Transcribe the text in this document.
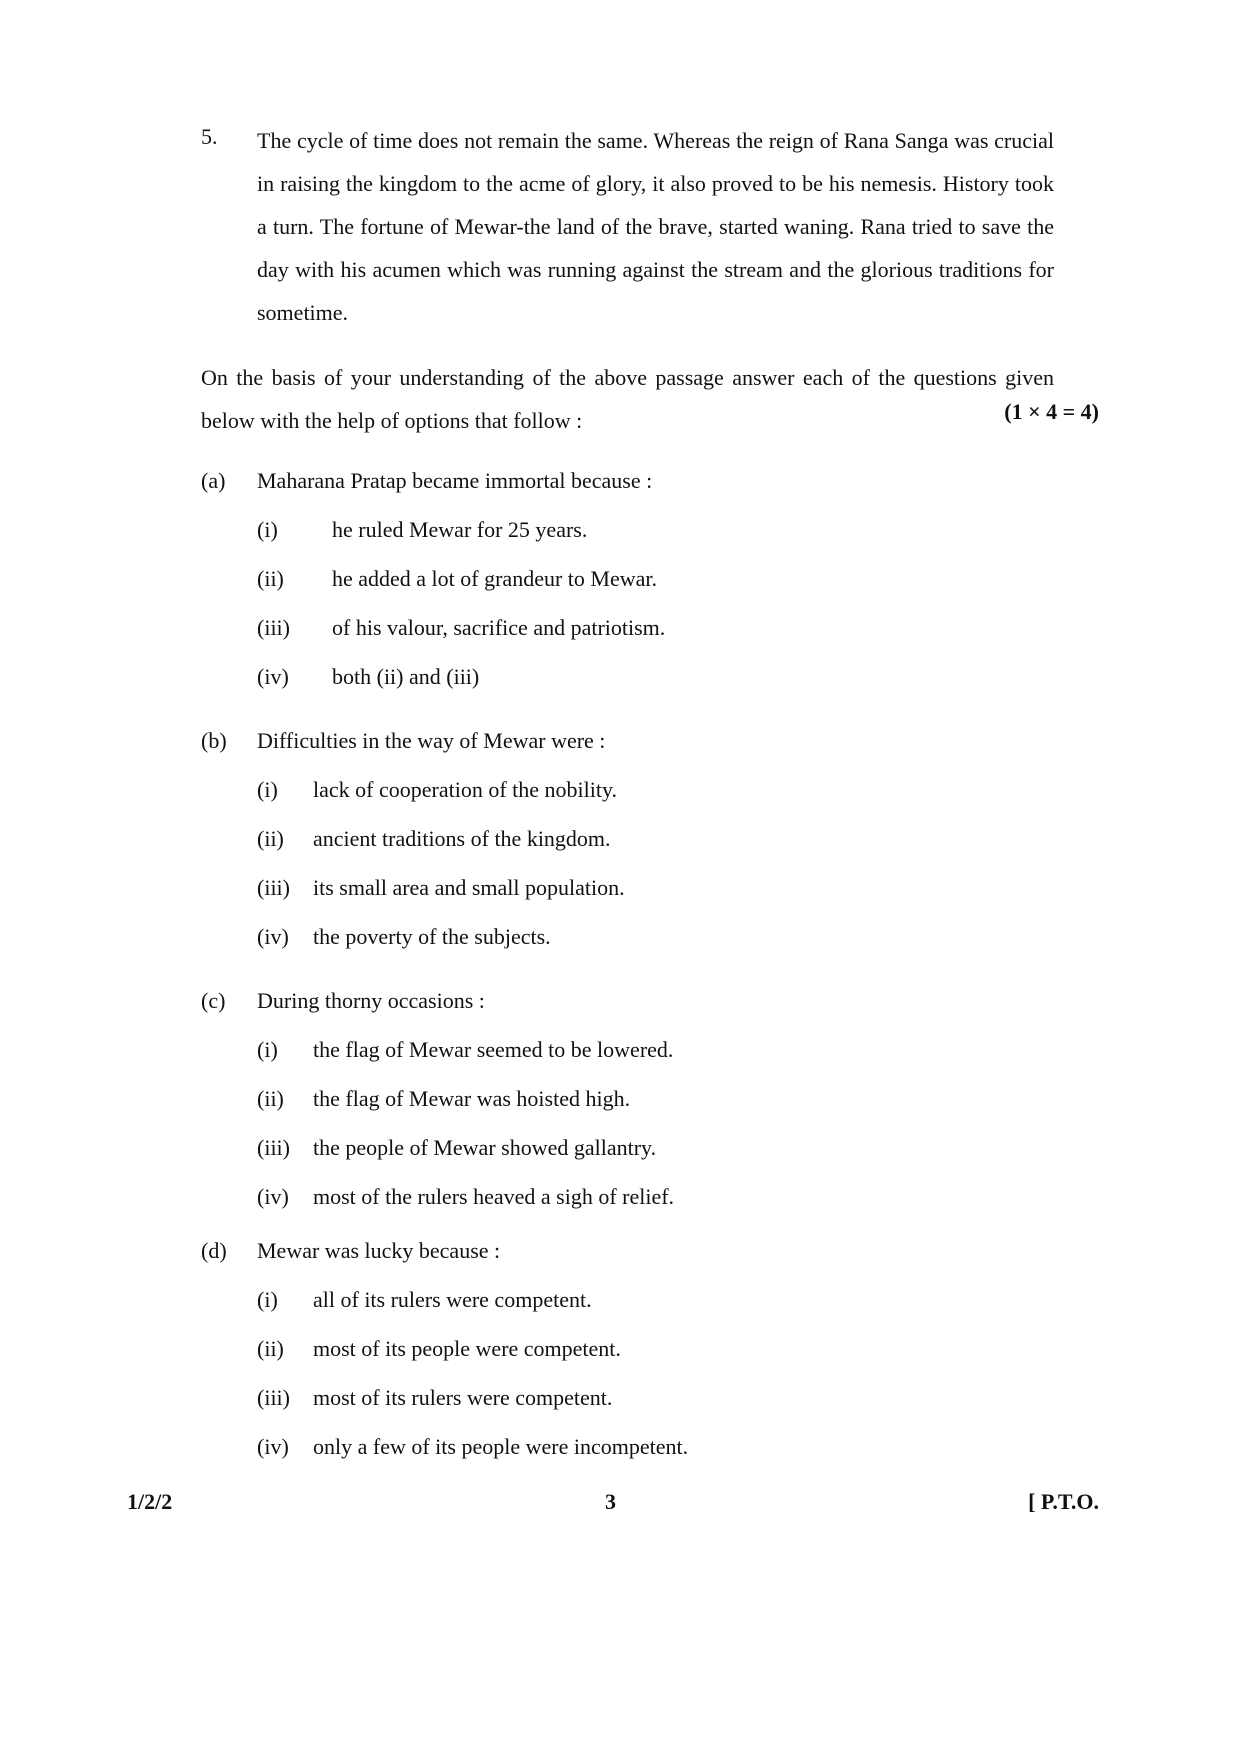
5. The cycle of time does not remain the same. Whereas the reign of Rana Sanga was crucial in raising the kingdom to the acme of glory, it also proved to be his nemesis. History took a turn. The fortune of Mewar-the land of the brave, started waning. Rana tried to save the day with his acumen which was running against the stream and the glorious traditions for sometime.
On the basis of your understanding of the above passage answer each of the questions given below with the help of options that follow :	(1 × 4 = 4)
(a) Maharana Pratap became immortal because :
(i) he ruled Mewar for 25 years.
(ii) he added a lot of grandeur to Mewar.
(iii) of his valour, sacrifice and patriotism.
(iv) both (ii) and (iii)
(b) Difficulties in the way of Mewar were :
(i) lack of cooperation of the nobility.
(ii) ancient traditions of the kingdom.
(iii) its small area and small population.
(iv) the poverty of the subjects.
(c) During thorny occasions :
(i) the flag of Mewar seemed to be lowered.
(ii) the flag of Mewar was hoisted high.
(iii) the people of Mewar showed gallantry.
(iv) most of the rulers heaved a sigh of relief.
(d) Mewar was lucky because :
(i) all of its rulers were competent.
(ii) most of its people were competent.
(iii) most of its rulers were competent.
(iv) only a few of its people were incompetent.
1/2/2	3	[ P.T.O.
